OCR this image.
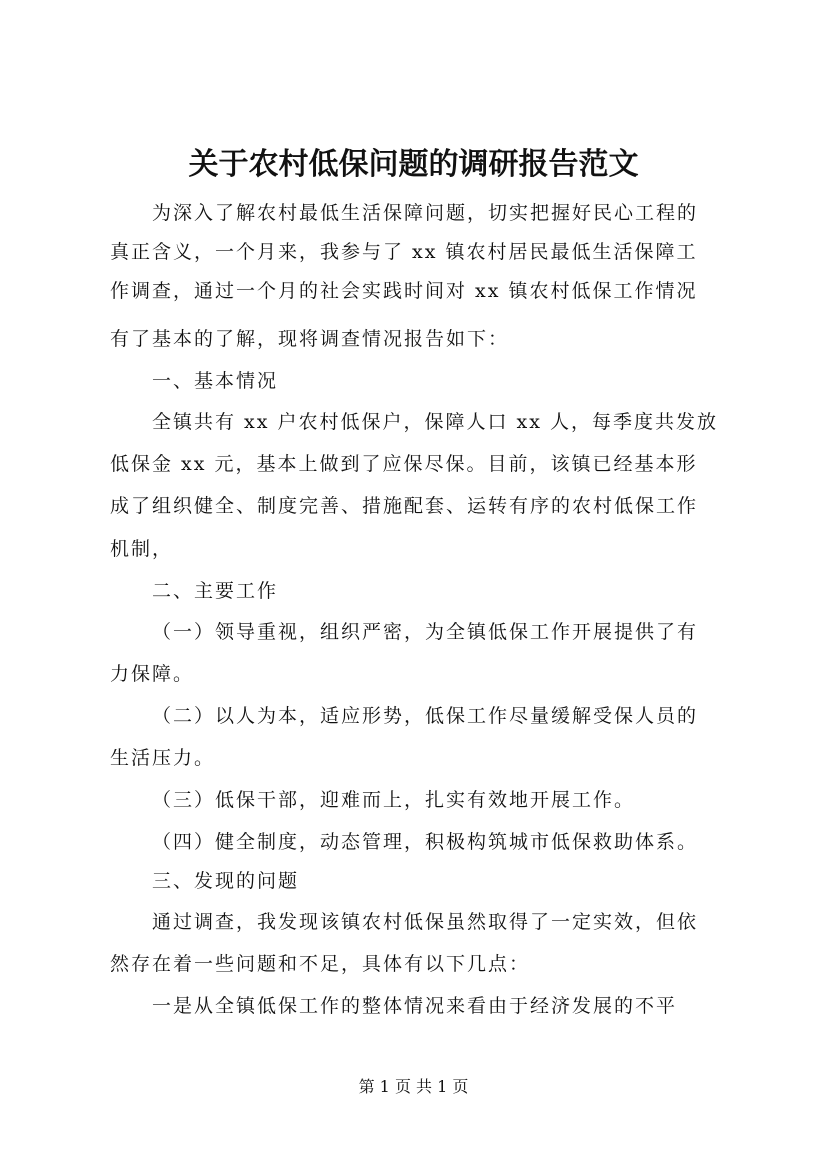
关于农村低保问题的调研报告范文
为深入了解农村最低生活保障问题，切实把握好民心工程的
真正含义，一个月来，我参与了 xx 镇农村居民最低生活保障工
作调查，通过一个月的社会实践时间对 xx 镇农村低保工作情况
有了基本的了解，现将调查情况报告如下：
一、基本情况
全镇共有 xx 户农村低保户，保障人口 xx 人，每季度共发放
低保金 xx 元，基本上做到了应保尽保。目前，该镇已经基本形
成了组织健全、制度完善、措施配套、运转有序的农村低保工作
机制，
二、主要工作
（一）领导重视，组织严密，为全镇低保工作开展提供了有
力保障。
（二）以人为本，适应形势，低保工作尽量缓解受保人员的
生活压力。
（三）低保干部，迎难而上，扎实有效地开展工作。
（四）健全制度，动态管理，积极构筑城市低保救助体系。
三、发现的问题
通过调查，我发现该镇农村低保虽然取得了一定实效，但依
然存在着一些问题和不足，具体有以下几点：
一是从全镇低保工作的整体情况来看由于经济发展的不平
第 1 页 共 1 页
